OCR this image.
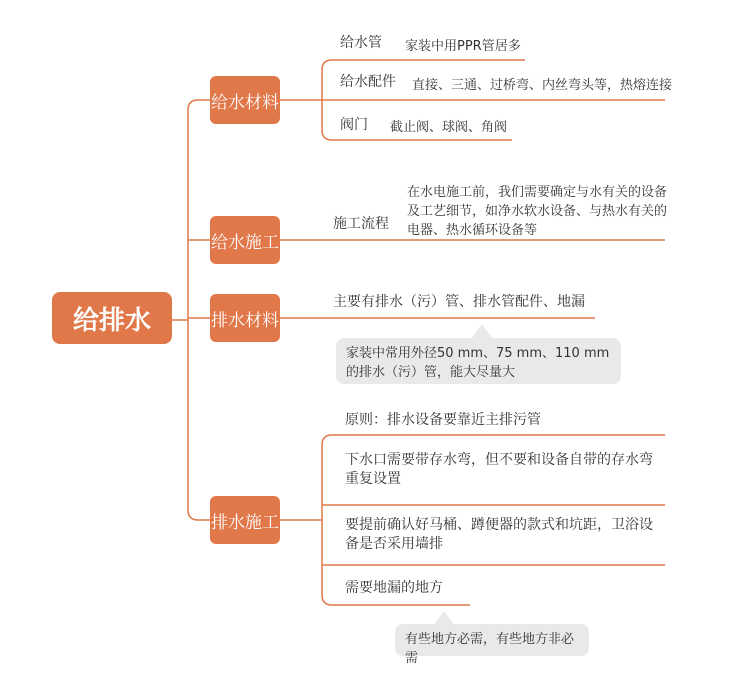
给排水
给水材料
给水施工
排水材料
排水施工
给水管 家装中用PPR管居多
给水配件 直接、三通、过桥弯、内丝弯头等，热熔连接
阀门 截止阀、球阀、角阀
施工流程
在水电施工前，我们需要确定与水有关的设备及工艺细节，如净水软水设备、与热水有关的电器、热水循环设备等
主要有排水（污）管、排水管配件、地漏
家装中常用外径50 mm、75 mm、110 mm的排水（污）管，能大尽量大
原则：排水设备要靠近主排污管
下水口需要带存水弯，但不要和设备自带的存水弯重复设置
要提前确认好马桶、蹲便器的款式和坑距，卫浴设备是否采用墙排
需要地漏的地方
有些地方必需，有些地方非必需
